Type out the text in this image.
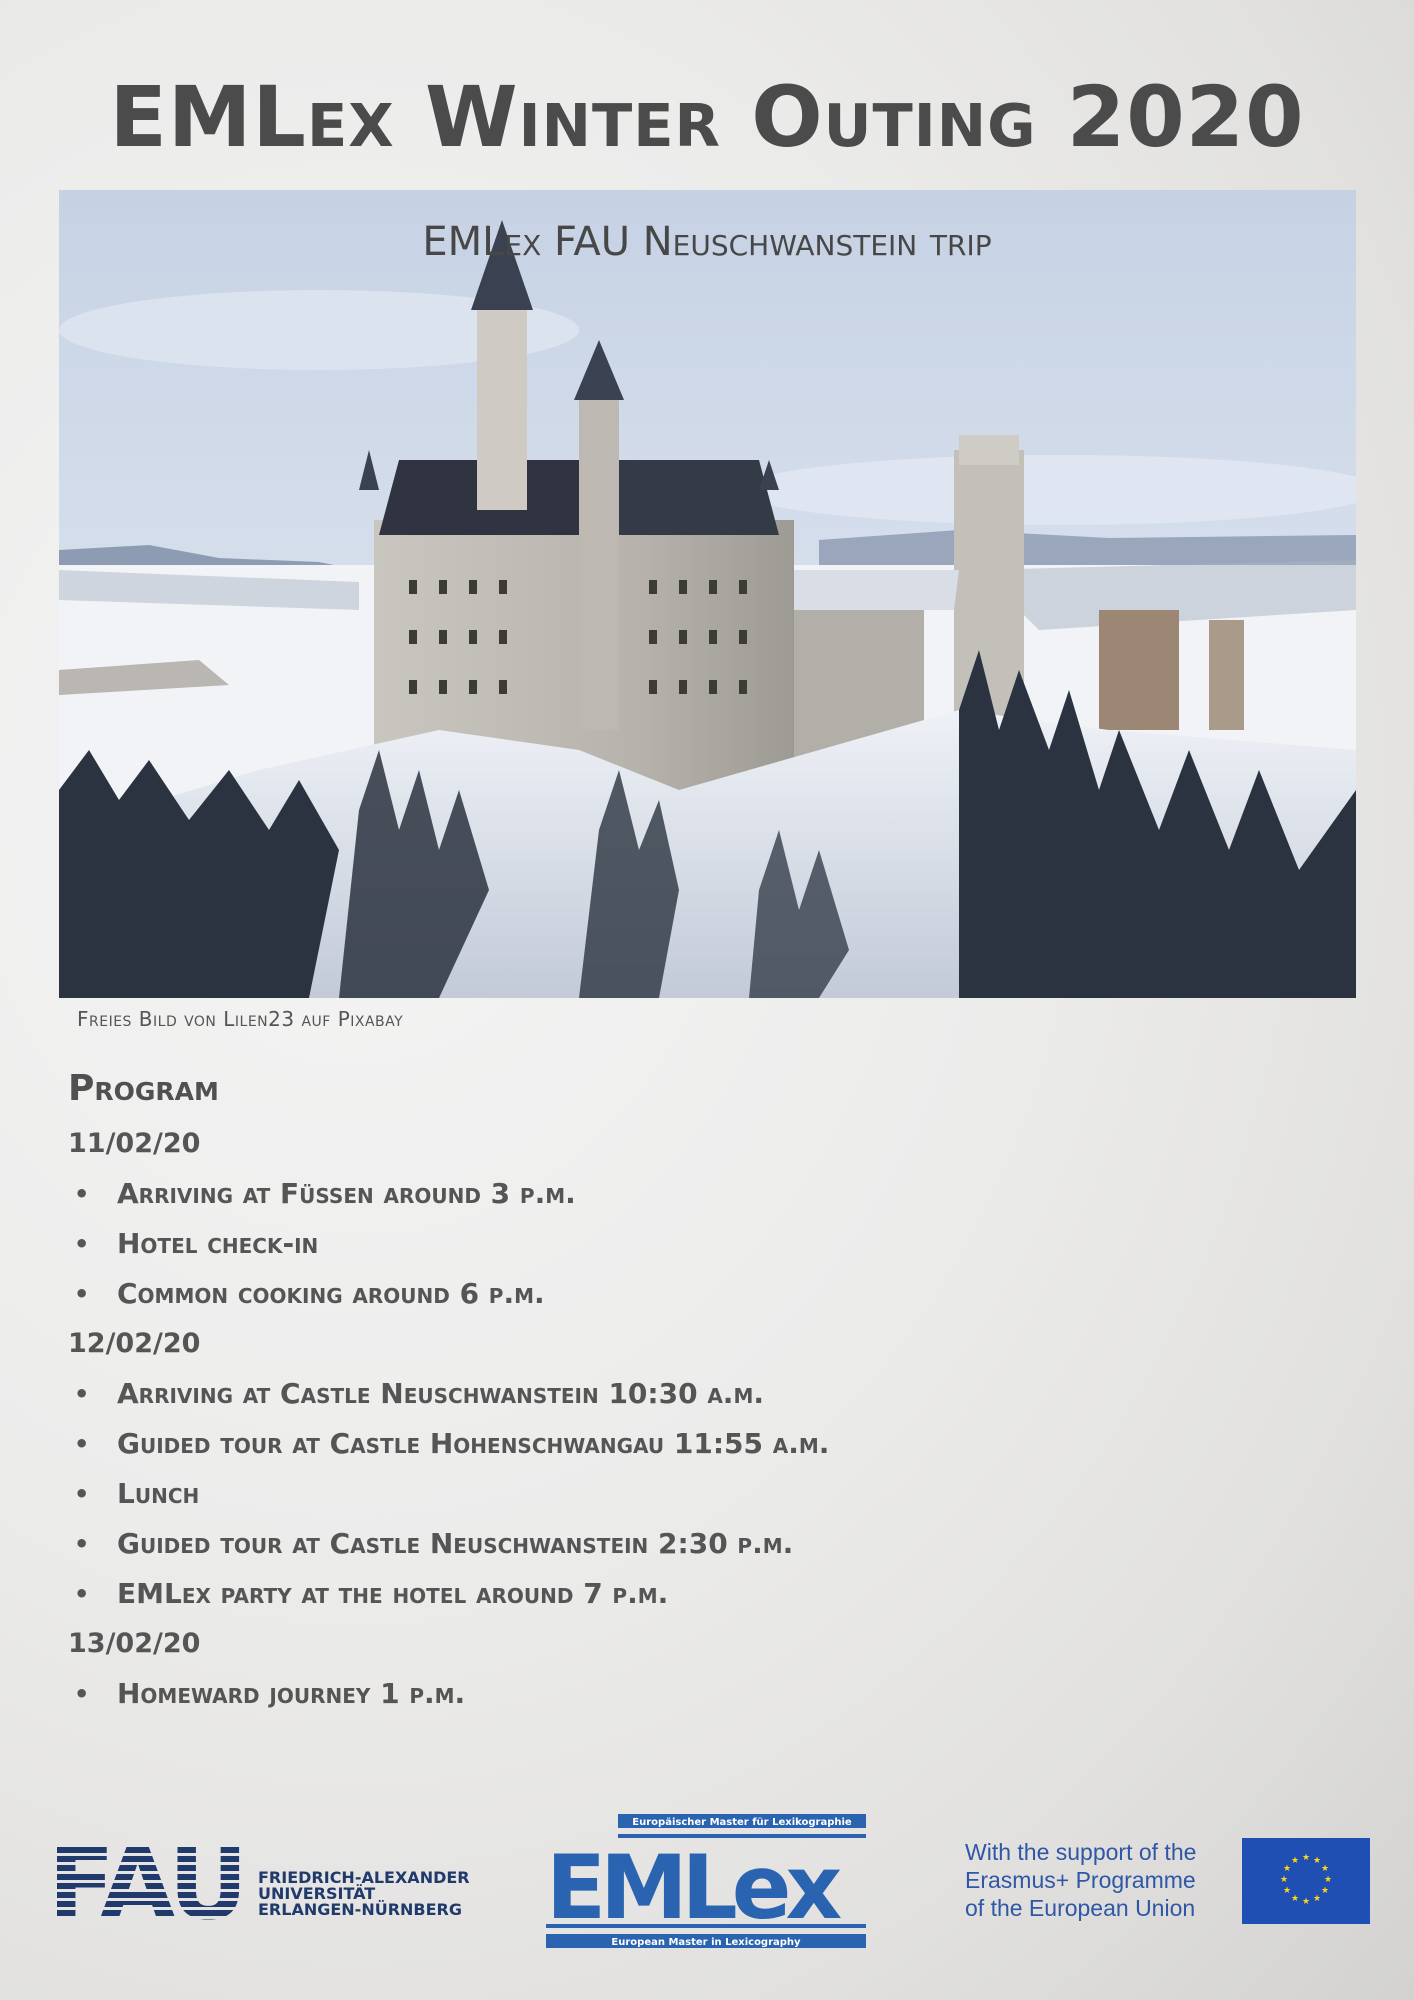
EMLex Winter Outing 2020
EMLex FAU Neuschwanstein trip
Freies Bild von Lilen23 auf Pixabay
Program
11/02/20
• Arriving at Füssen around 3 p.m.
• Hotel check-in
• Common cooking around 6 p.m.
12/02/20
• Arriving at Castle Neuschwanstein 10:30 a.m.
• Guided tour at Castle Hohenschwangau 11:55 a.m.
• Lunch
• Guided tour at Castle Neuschwanstein 2:30 p.m.
• EMLex party at the hotel around 7 p.m.
13/02/20
• Homeward journey 1 p.m.
FAU FRIEDRICH-ALEXANDER
UNIVERSITÄT
ERLANGEN-NÜRNBERG
Europäischer Master für Lexikographie
European Master in Lexicography
EMLex	With the support of the
Erasmus+ Programme
of the European Union
★ ★
★
★
★
★
★
★
★
★
★
★
